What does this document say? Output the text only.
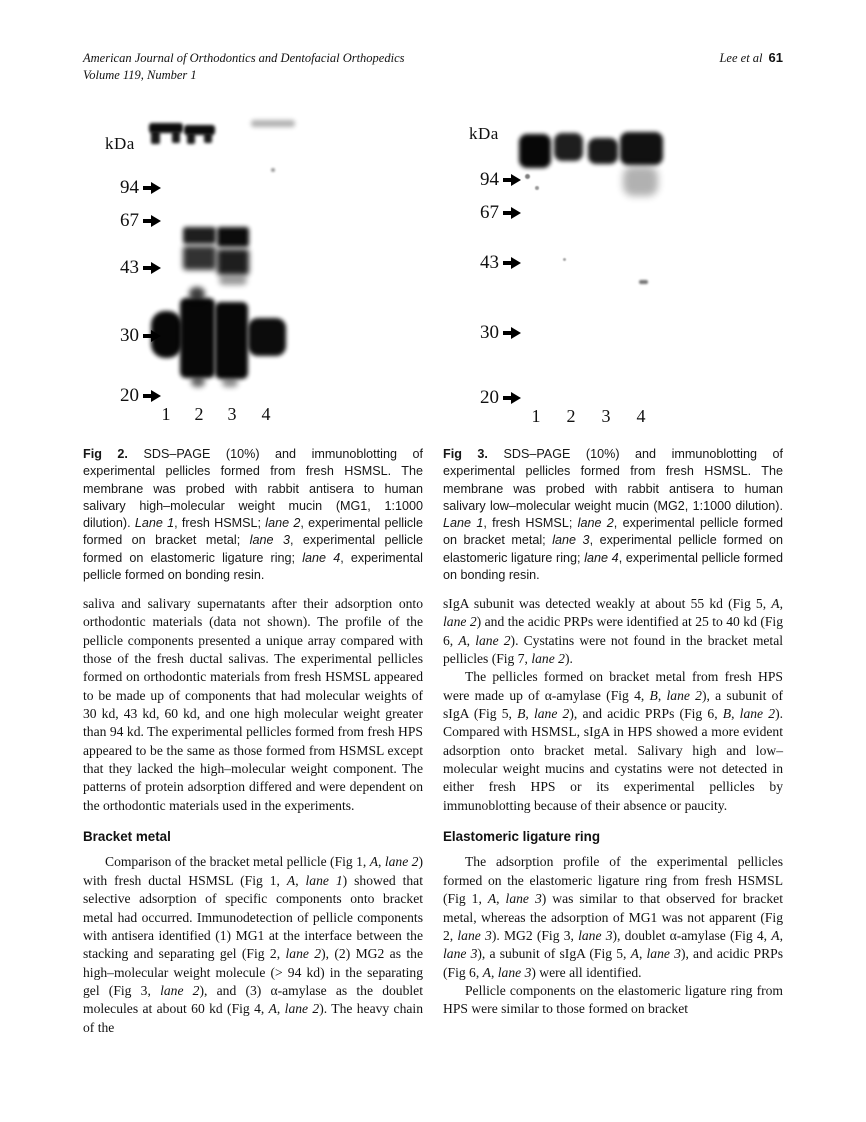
American Journal of Orthodontics and Dentofacial Orthopedics
Volume 119, Number 1
Lee et al 61
kDa
94
67
43
30
20
1	2	3	4
Fig 2. SDS–PAGE (10%) and immunoblotting of experimental pellicles formed from fresh HSMSL. The membrane was probed with rabbit antisera to human salivary high–molecular weight mucin (MG1, 1:1000 dilution). Lane 1, fresh HSMSL; lane 2, experimental pellicle formed on bracket metal; lane 3, experimental pellicle formed on elastomeric ligature ring; lane 4, experimental pellicle formed on bonding resin.
kDa
94
67
43
30
20
1	2	3	4
Fig 3. SDS–PAGE (10%) and immunoblotting of experimental pellicles formed from fresh HSMSL. The membrane was probed with rabbit antisera to human salivary low–molecular weight mucin (MG2, 1:1000 dilution). Lane 1, fresh HSMSL; lane 2, experimental pellicle formed on bracket metal; lane 3, experimental pellicle formed on elastomeric ligature ring; lane 4, experimental pellicle formed on bonding resin.

saliva and salivary supernatants after their adsorption onto orthodontic materials (data not shown). The profile of the pellicle components presented a unique array compared with those of the fresh ductal salivas. The experimental pellicles formed on orthodontic materials from fresh HSMSL appeared to be made up of components that had molecular weights of 30 kd, 43 kd, 60 kd, and one high molecular weight greater than 94 kd. The experimental pellicles formed from fresh HPS appeared to be the same as those formed from HSMSL except that they lacked the high–molecular weight component. The patterns of protein adsorption differed and were dependent on the orthodontic materials used in the experiments.

Bracket metal

Comparison of the bracket metal pellicle (Fig 1, A, lane 2) with fresh ductal HSMSL (Fig 1, A, lane 1) showed that selective adsorption of specific components onto bracket metal had occurred. Immunodetection of pellicle components with antisera identified (1) MG1 at the interface between the stacking and separating gel (Fig 2, lane 2), (2) MG2 as the high–molecular weight molecule (> 94 kd) in the separating gel (Fig 3, lane 2), and (3) α-amylase as the doublet molecules at about 60 kd (Fig 4, A, lane 2). The heavy chain of the

sIgA subunit was detected weakly at about 55 kd (Fig 5, A, lane 2) and the acidic PRPs were identified at 25 to 40 kd (Fig 6, A, lane 2). Cystatins were not found in the bracket metal pellicles (Fig 7, lane 2).

The pellicles formed on bracket metal from fresh HPS were made up of α-amylase (Fig 4, B, lane 2), a subunit of sIgA (Fig 5, B, lane 2), and acidic PRPs (Fig 6, B, lane 2). Compared with HSMSL, sIgA in HPS showed a more evident adsorption onto bracket metal. Salivary high and low–molecular weight mucins and cystatins were not detected in either fresh HPS or its experimental pellicles by immunoblotting because of their absence or paucity.

Elastomeric ligature ring

The adsorption profile of the experimental pellicles formed on the elastomeric ligature ring from fresh HSMSL (Fig 1, A, lane 3) was similar to that observed for bracket metal, whereas the adsorption of MG1 was not apparent (Fig 2, lane 3). MG2 (Fig 3, lane 3), doublet α-amylase (Fig 4, A, lane 3), a subunit of sIgA (Fig 5, A, lane 3), and acidic PRPs (Fig 6, A, lane 3) were all identified.

Pellicle components on the elastomeric ligature ring from HPS were similar to those formed on bracket
